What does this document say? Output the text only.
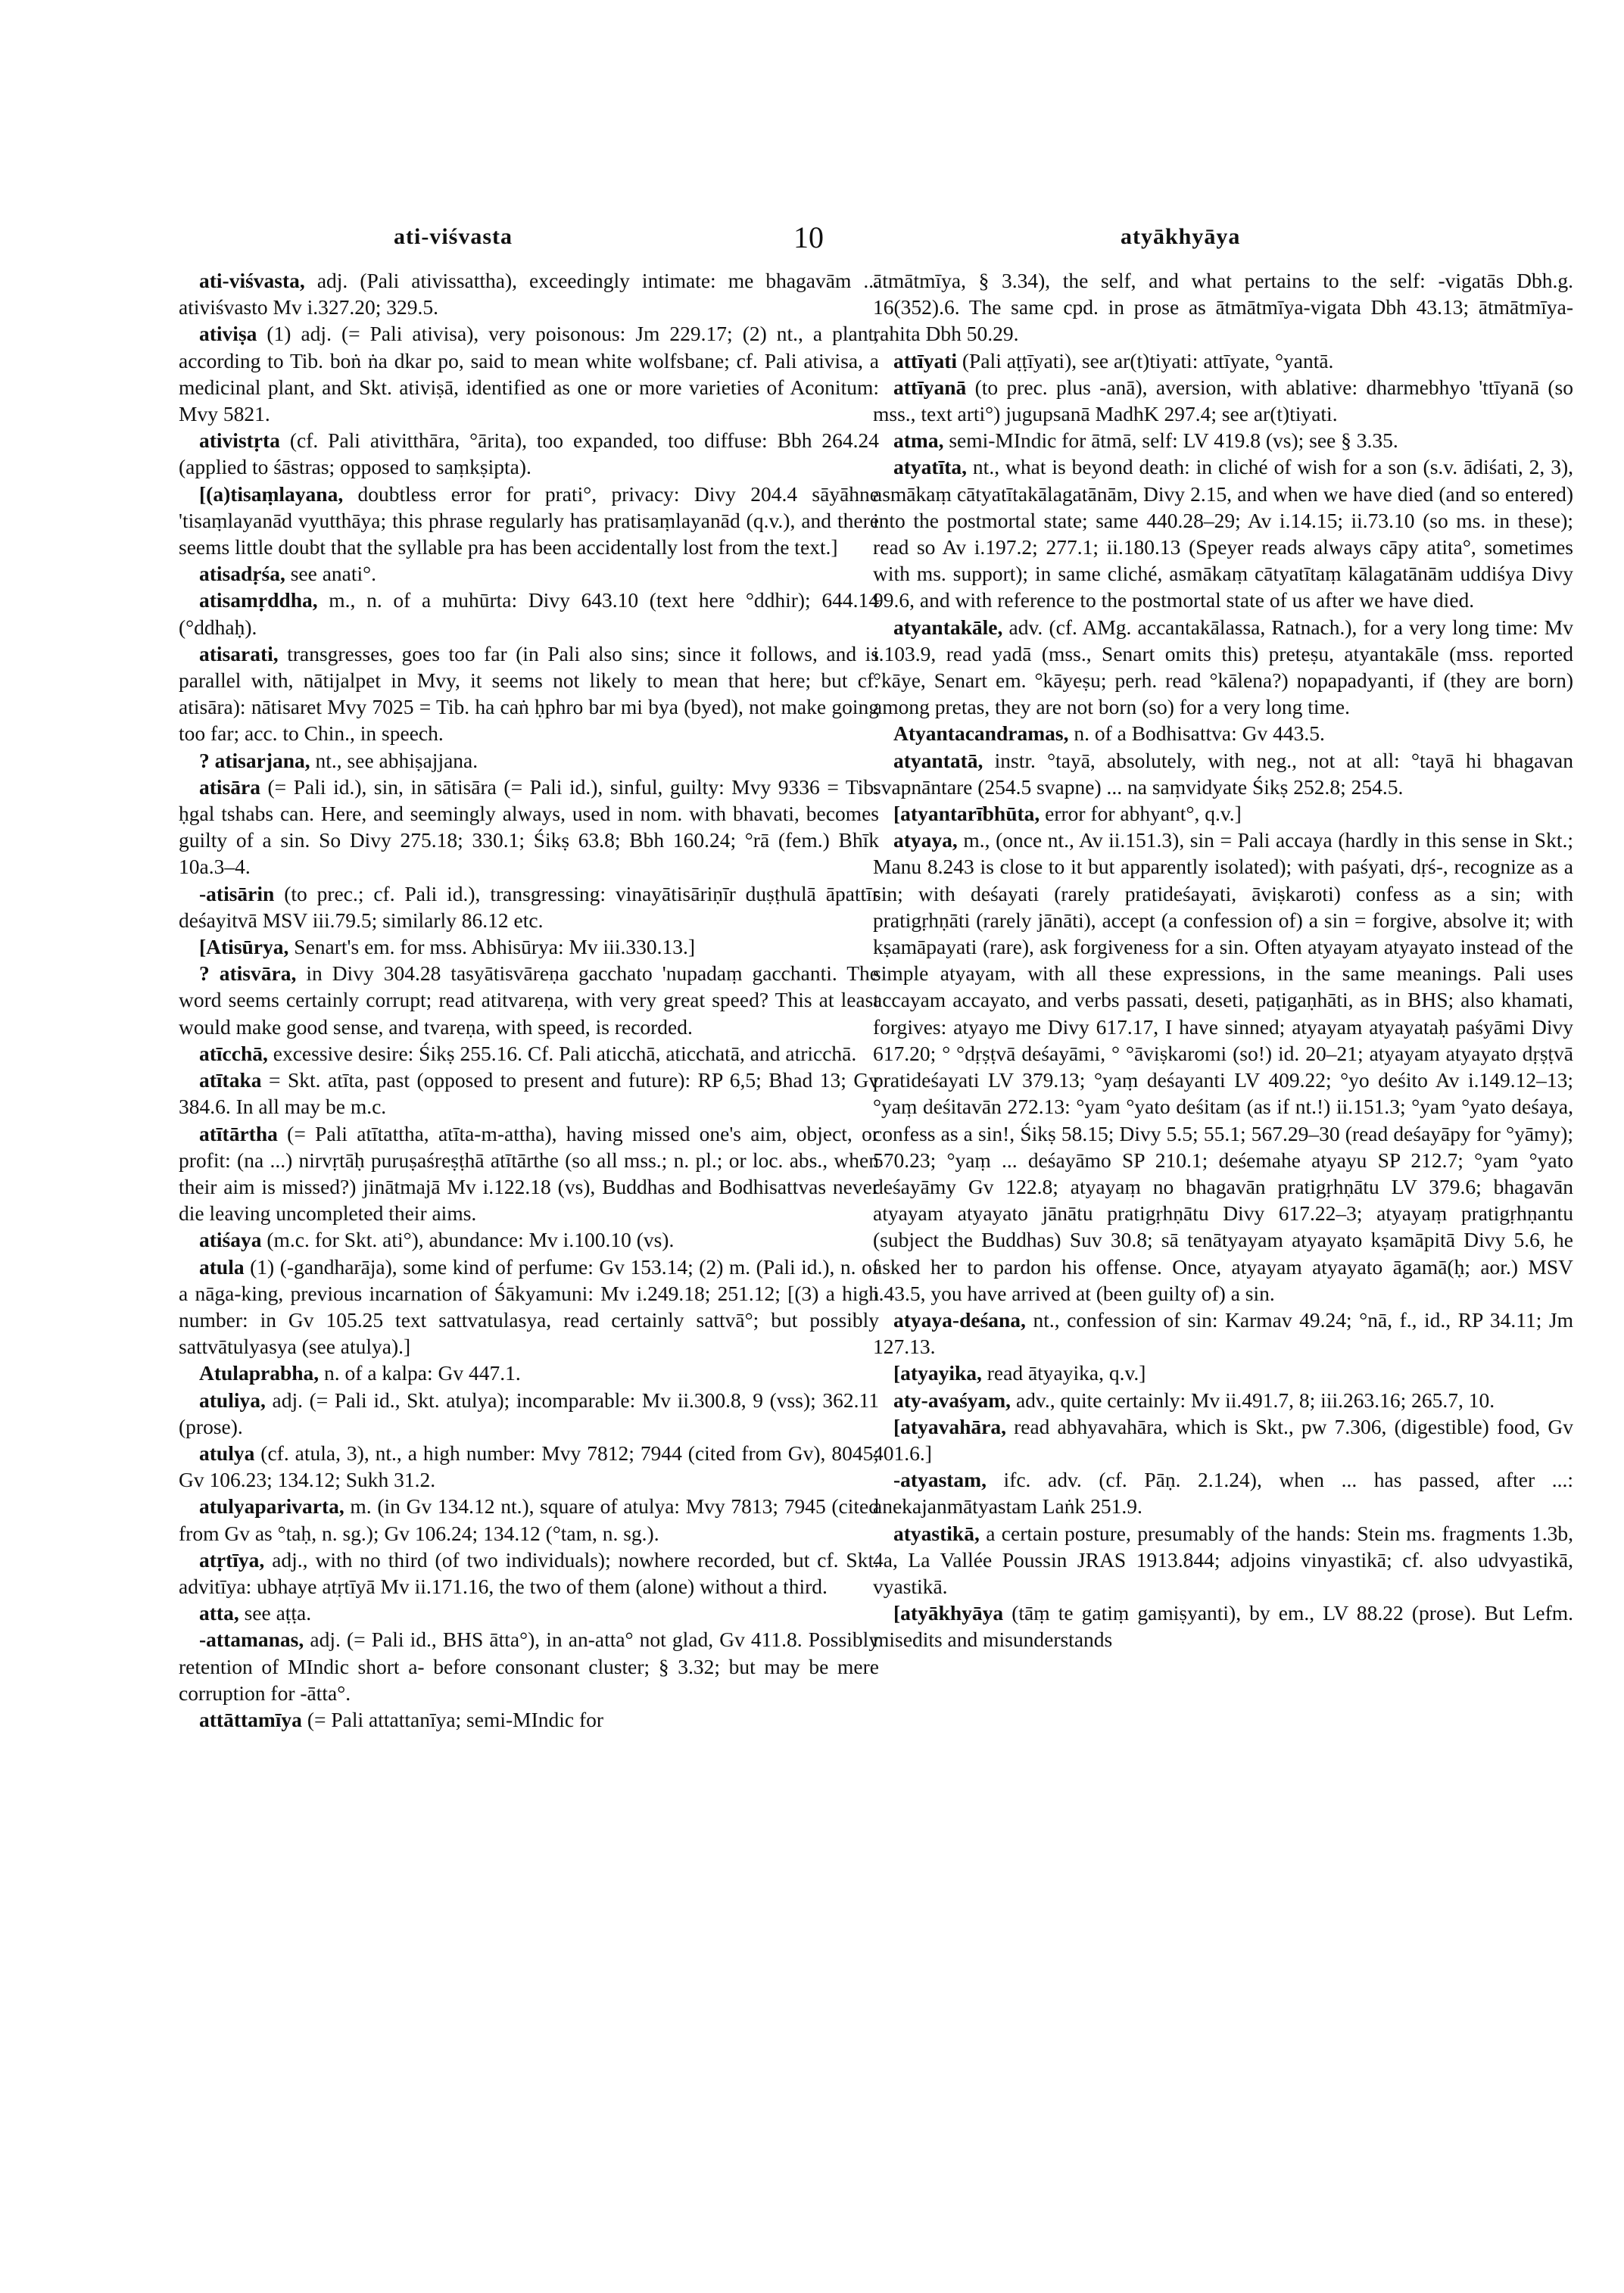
ati-viśvasta	10	atyākhyāya

ati-viśvasta, adj. (Pali ativissattha), exceedingly intimate: me bhagavām ... ativiśvasto Mv i.327.20; 329.5.

ativiṣa (1) adj. (= Pali ativisa), very poisonous: Jm 229.17; (2) nt., a plant, according to Tib. boṅ ṅa dkar po, said to mean white wolfsbane; cf. Pali ativisa, a medicinal plant, and Skt. ativiṣā, identified as one or more varieties of Aconitum: Mvy 5821.

ativistṛta (cf. Pali ativitthāra, °ārita), too expanded, too diffuse: Bbh 264.24 (applied to śāstras; opposed to saṃkṣipta).

[(a)tisaṃlayana, doubtless error for prati°, privacy: Divy 204.4 sāyāhne 'tisaṃlayanād vyutthāya; this phrase regularly has pratisaṃlayanād (q.v.), and there seems little doubt that the syllable pra has been accidentally lost from the text.]

atisadṛśa, see anati°.

atisamṛddha, m., n. of a muhūrta: Divy 643.10 (text here °ddhir); 644.14 (°ddhaḥ).

atisarati, transgresses, goes too far (in Pali also sins; since it follows, and is parallel with, nātijalpet in Mvy, it seems not likely to mean that here; but cf. atisāra): nātisaret Mvy 7025 = Tib. ha caṅ ḥphro bar mi bya (byed), not make going too far; acc. to Chin., in speech.

? atisarjana, nt., see abhiṣajjana.

atisāra (= Pali id.), sin, in sātisāra (= Pali id.), sinful, guilty: Mvy 9336 = Tib. ḥgal tshabs can. Here, and seemingly always, used in nom. with bhavati, becomes guilty of a sin. So Divy 275.18; 330.1; Śikṣ 63.8; Bbh 160.24; °rā (fem.) Bhīk 10a.3–4.

-atisārin (to prec.; cf. Pali id.), transgressing: vinayātisāriṇīr duṣṭhulā āpattīr deśayitvā MSV iii.79.5; similarly 86.12 etc.

[Atisūrya, Senart's em. for mss. Abhisūrya: Mv iii.330.13.]

? atisvāra, in Divy 304.28 tasyātisvāreṇa gacchato 'nupadaṃ gacchanti. The word seems certainly corrupt; read atitvareṇa, with very great speed? This at least would make good sense, and tvareṇa, with speed, is recorded.

atīcchā, excessive desire: Śikṣ 255.16. Cf. Pali aticchā, aticchatā, and atricchā.

atītaka = Skt. atīta, past (opposed to present and future): RP 6,5; Bhad 13; Gv 384.6. In all may be m.c.

atītārtha (= Pali atītattha, atīta-m-attha), having missed one's aim, object, or profit: (na ...) nirvṛtāḥ puruṣaśreṣṭhā atītārthe (so all mss.; n. pl.; or loc. abs., when their aim is missed?) jinātmajā Mv i.122.18 (vs), Buddhas and Bodhisattvas never die leaving uncompleted their aims.

atiśaya (m.c. for Skt. ati°), abundance: Mv i.100.10 (vs).

atula (1) (-gandharāja), some kind of perfume: Gv 153.14; (2) m. (Pali id.), n. of a nāga-king, previous incarnation of Śākyamuni: Mv i.249.18; 251.12; [(3) a high number: in Gv 105.25 text sattvatulasya, read certainly sattvā°; but possibly sattvātulyasya (see atulya).]

Atulaprabha, n. of a kalpa: Gv 447.1.

atuliya, adj. (= Pali id., Skt. atulya); incomparable: Mv ii.300.8, 9 (vss); 362.11 (prose).

atulya (cf. atula, 3), nt., a high number: Mvy 7812; 7944 (cited from Gv), 8045; Gv 106.23; 134.12; Sukh 31.2.

atulyaparivarta, m. (in Gv 134.12 nt.), square of atulya: Mvy 7813; 7945 (cited from Gv as °taḥ, n. sg.); Gv 106.24; 134.12 (°tam, n. sg.).

atṛtīya, adj., with no third (of two individuals); nowhere recorded, but cf. Skt. advitīya: ubhaye atṛtīyā Mv ii.171.16, the two of them (alone) without a third.

atta, see aṭṭa.

-attamanas, adj. (= Pali id., BHS ātta°), in an-atta° not glad, Gv 411.8. Possibly retention of MIndic short a- before consonant cluster; § 3.32; but may be mere corruption for -ātta°.

attāttamīya (= Pali attattanīya; semi-MIndic for

ātmātmīya, § 3.34), the self, and what pertains to the self: -vigatās Dbh.g. 16(352).6. The same cpd. in prose as ātmātmīya-vigata Dbh 43.13; ātmātmīya-rahita Dbh 50.29.

attīyati (Pali aṭṭīyati), see ar(t)tiyati: attīyate, °yantā.

attīyanā (to prec. plus -anā), aversion, with ablative: dharmebhyo 'ttīyanā (so mss., text arti°) jugupsanā MadhK 297.4; see ar(t)tiyati.

atma, semi-MIndic for ātmā, self: LV 419.8 (vs); see § 3.35.

atyatīta, nt., what is beyond death: in cliché of wish for a son (s.v. ādiśati, 2, 3), asmākaṃ cātyatītakālagatānām, Divy 2.15, and when we have died (and so entered) into the postmortal state; same 440.28–29; Av i.14.15; ii.73.10 (so ms. in these); read so Av i.197.2; 277.1; ii.180.13 (Speyer reads always cāpy atita°, sometimes with ms. support); in same cliché, asmākaṃ cātyatītaṃ kālagatānām uddiśya Divy 99.6, and with reference to the postmortal state of us after we have died.

atyantakāle, adv. (cf. AMg. accantakālassa, Ratnach.), for a very long time: Mv i.103.9, read yadā (mss., Senart omits this) preteṣu, atyantakāle (mss. reported °kāye, Senart em. °kāyeṣu; perh. read °kālena?) nopapadyanti, if (they are born) among pretas, they are not born (so) for a very long time.

Atyantacandramas, n. of a Bodhisattva: Gv 443.5.

atyantatā, instr. °tayā, absolutely, with neg., not at all: °tayā hi bhagavan svapnāntare (254.5 svapne) ... na saṃvidyate Śikṣ 252.8; 254.5.

[atyantarībhūta, error for abhyant°, q.v.]

atyaya, m., (once nt., Av ii.151.3), sin = Pali accaya (hardly in this sense in Skt.; Manu 8.243 is close to it but apparently isolated); with paśyati, dṛś-, recognize as a sin; with deśayati (rarely pratideśayati, āviṣkaroti) confess as a sin; with pratigṛhṇāti (rarely jānāti), accept (a confession of) a sin = forgive, absolve it; with kṣamāpayati (rare), ask forgiveness for a sin. Often atyayam atyayato instead of the simple atyayam, with all these expressions, in the same meanings. Pali uses accayam accayato, and verbs passati, deseti, paṭigaṇhāti, as in BHS; also khamati, forgives: atyayo me Divy 617.17, I have sinned; atyayam atyayataḥ paśyāmi Divy 617.20; ° °dṛṣṭvā deśayāmi, ° °āviṣkaromi (so!) id. 20–21; atyayam atyayato dṛṣṭvā pratideśayati LV 379.13; °yaṃ deśayanti LV 409.22; °yo deśito Av i.149.12–13; °yaṃ deśitavān 272.13: °yam °yato deśitam (as if nt.!) ii.151.3; °yam °yato deśaya, confess as a sin!, Śikṣ 58.15; Divy 5.5; 55.1; 567.29–30 (read deśayāpy for °yāmy); 570.23; °yaṃ ... deśayāmo SP 210.1; deśemahe atyayu SP 212.7; °yam °yato deśayāmy Gv 122.8; atyayaṃ no bhagavān pratigṛhṇātu LV 379.6; bhagavān atyayam atyayato jānātu pratigṛhṇātu Divy 617.22–3; atyayaṃ pratigṛhṇantu (subject the Buddhas) Suv 30.8; sā tenātyayam atyayato kṣamāpitā Divy 5.6, he asked her to pardon his offense. Once, atyayam atyayato āgamā(ḥ; aor.) MSV i.43.5, you have arrived at (been guilty of) a sin.

atyaya-deśana, nt., confession of sin: Karmav 49.24; °nā, f., id., RP 34.11; Jm 127.13.

[atyayika, read ātyayika, q.v.]

aty-avaśyam, adv., quite certainly: Mv ii.491.7, 8; iii.263.16; 265.7, 10.

[atyavahāra, read abhyavahāra, which is Skt., pw 7.306, (digestible) food, Gv 401.6.]

-atyastam, ifc. adv. (cf. Pāṇ. 2.1.24), when ... has passed, after ...: anekajanmātyastam Laṅk 251.9.

atyastikā, a certain posture, presumably of the hands: Stein ms. fragments 1.3b, 4a, La Vallée Poussin JRAS 1913.844; adjoins vinyastikā; cf. also udvyastikā, vyastikā.

[atyākhyāya (tāṃ te gatiṃ gamiṣyanti), by em., LV 88.22 (prose). But Lefm. misedits and misunderstands
